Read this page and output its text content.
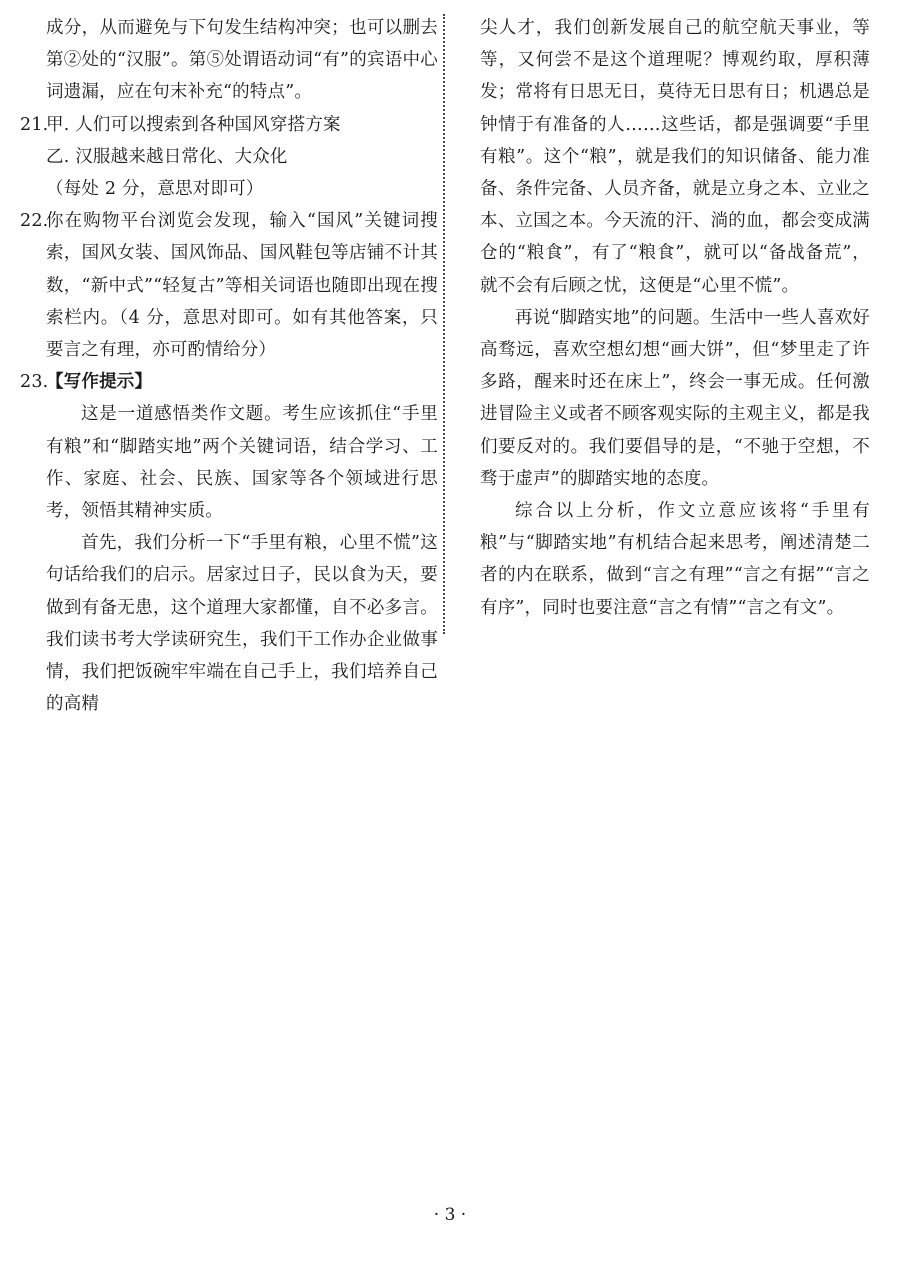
成分，从而避免与下句发生结构冲突；也可以删去第②处的“汉服”。第⑤处谓语动词“有”的宾语中心词遗漏，应在句末补充“的特点”。

21.
甲. 人们可以搜索到各种国风穿搭方案

乙. 汉服越来越日常化、大众化

（每处 2 分，意思对即可）

22.
你在购物平台浏览会发现，输入“国风”关键词搜索，国风女装、国风饰品、国风鞋包等店铺不计其数，“新中式”“轻复古”等相关词语也随即出现在搜索栏内。（4 分，意思对即可。如有其他答案，只要言之有理，亦可酌情给分）
23.
【写作提示】

这是一道感悟类作文题。考生应该抓住“手里有粮”和“脚踏实地”两个关键词语，结合学习、工作、家庭、社会、民族、国家等各个领域进行思考，领悟其精神实质。

首先，我们分析一下“手里有粮，心里不慌”这句话给我们的启示。居家过日子，民以食为天，要做到有备无患，这个道理大家都懂，自不必多言。我们读书考大学读研究生，我们干工作办企业做事情，我们把饭碗牢牢端在自己手上，我们培养自己的高精

尖人才，我们创新发展自己的航空航天事业，等等，又何尝不是这个道理呢？博观约取，厚积薄发；常将有日思无日，莫待无日思有日；机遇总是钟情于有准备的人……这些话，都是强调要“手里有粮”。这个“粮”，就是我们的知识储备、能力准备、条件完备、人员齐备，就是立身之本、立业之本、立国之本。今天流的汗、淌的血，都会变成满仓的“粮食”，有了“粮食”，就可以“备战备荒”，就不会有后顾之忧，这便是“心里不慌”。

再说“脚踏实地”的问题。生活中一些人喜欢好高骛远，喜欢空想幻想“画大饼”，但“梦里走了许多路，醒来时还在床上”，终会一事无成。任何激进冒险主义或者不顾客观实际的主观主义，都是我们要反对的。我们要倡导的是，“不驰于空想，不骛于虚声”的脚踏实地的态度。

综合以上分析，作文立意应该将“手里有粮”与“脚踏实地”有机结合起来思考，阐述清楚二者的内在联系，做到“言之有理”“言之有据”“言之有序”，同时也要注意“言之有情”“言之有文”。

· 3 ·
